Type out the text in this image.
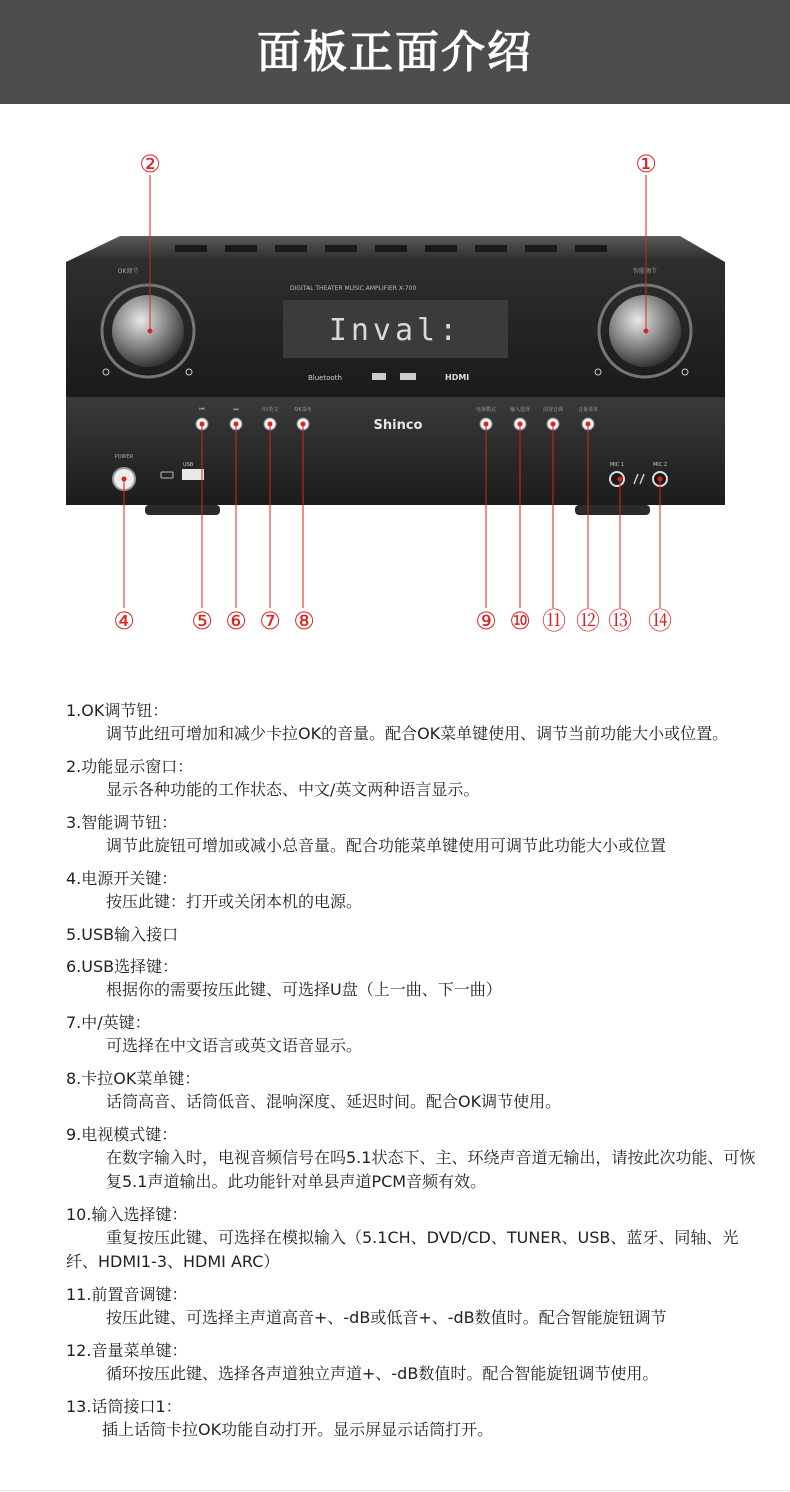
面板正面介绍
DIGITAL THEATER MUSIC AMPLIFIER X-700
OK调节	智能调节
Inval:
Bluetooth	HDMI
Shinco
⏮	⏭	中/英文	OK菜单	电视模式	输入选择	前置音调	音量菜单
POWER
USB	MIC 1	MIC 2
①
②
④ ⑤ ⑥ ⑦ ⑧	⑨ ⑩ ⑪ ⑫ ⑬ ⑭
1.OK调节钮：
调节此纽可增加和减少卡拉OK的音量。配合OK菜单键使用、调节当前功能大小或位置。
2.功能显示窗口：
显示各种功能的工作状态、中文/英文两种语言显示。
3.智能调节钮：
调节此旋钮可增加或减小总音量。配合功能菜单键使用可调节此功能大小或位置
4.电源开关键：
按压此键：打开或关闭本机的电源。
5.USB输入接口
6.USB选择键：
根据你的需要按压此键、可选择U盘（上一曲、下一曲）
7.中/英键：
可选择在中文语言或英文语音显示。
8.卡拉OK菜单键：
话筒高音、话筒低音、混响深度、延迟时间。配合OK调节使用。
9.电视模式键：
在数字输入时，电视音频信号在吗5.1状态下、主、环绕声音道无输出，请按此次功能、可恢复5.1声道输出。此功能针对单县声道PCM音频有效。
10.输入选择键：
重复按压此键、可选择在模拟输入（5.1CH、DVD/CD、TUNER、USB、蓝牙、同轴、光纤、HDMI1-3、HDMI ARC）
11.前置音调键：
按压此键、可选择主声道高音+、-dB或低音+、-dB数值时。配合智能旋钮调节
12.音量菜单键：
循环按压此键、选择各声道独立声道+、-dB数值时。配合智能旋钮调节使用。
13.话筒接口1：
插上话筒卡拉OK功能自动打开。显示屏显示话筒打开。
